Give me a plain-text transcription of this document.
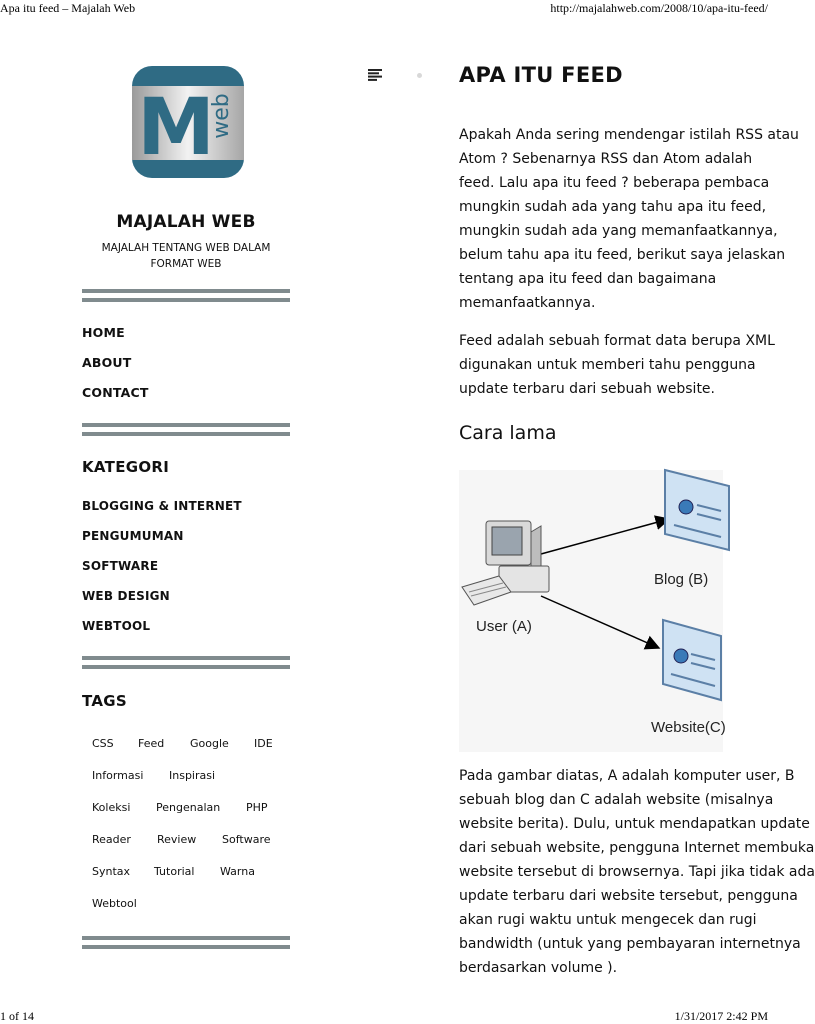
Apa itu feed – Majalah Web	http://majalahweb.com/2008/10/apa-itu-feed/
M
web
MAJALAH WEB
MAJALAH TENTANG WEB DALAM FORMAT WEB
HOME
ABOUT
CONTACT
KATEGORI
BLOGGING & INTERNET
PENGUMUMAN
SOFTWARE
WEB DESIGN
WEBTOOL
TAGS
CSS Feed Google IDE
Informasi Inspirasi
Koleksi Pengenalan PHP
Reader Review Software
Syntax Tutorial Warna
Webtool
APA ITU FEED
Apakah Anda sering mendengar istilah RSS atau
Atom ? Sebenarnya RSS dan Atom adalah
feed. Lalu apa itu feed ? beberapa pembaca
mungkin sudah ada yang tahu apa itu feed,
mungkin sudah ada yang memanfaatkannya,
belum tahu apa itu feed, berikut saya jelaskan
tentang apa itu feed dan bagaimana
memanfaatkannya.
Feed adalah sebuah format data berupa XML
digunakan untuk memberi tahu pengguna
update terbaru dari sebuah website.
Cara lama
Blog (B)
User (A)
Website(C)
Pada gambar diatas, A adalah komputer user, B
sebuah blog dan C adalah website (misalnya
website berita). Dulu, untuk mendapatkan update
dari sebuah website, pengguna Internet membuka
website tersebut di browsernya. Tapi jika tidak ada
update terbaru dari website tersebut, pengguna
akan rugi waktu untuk mengecek dan rugi
bandwidth (untuk yang pembayaran internetnya
berdasarkan volume ).
1 of 14	1/31/2017 2:42 PM
